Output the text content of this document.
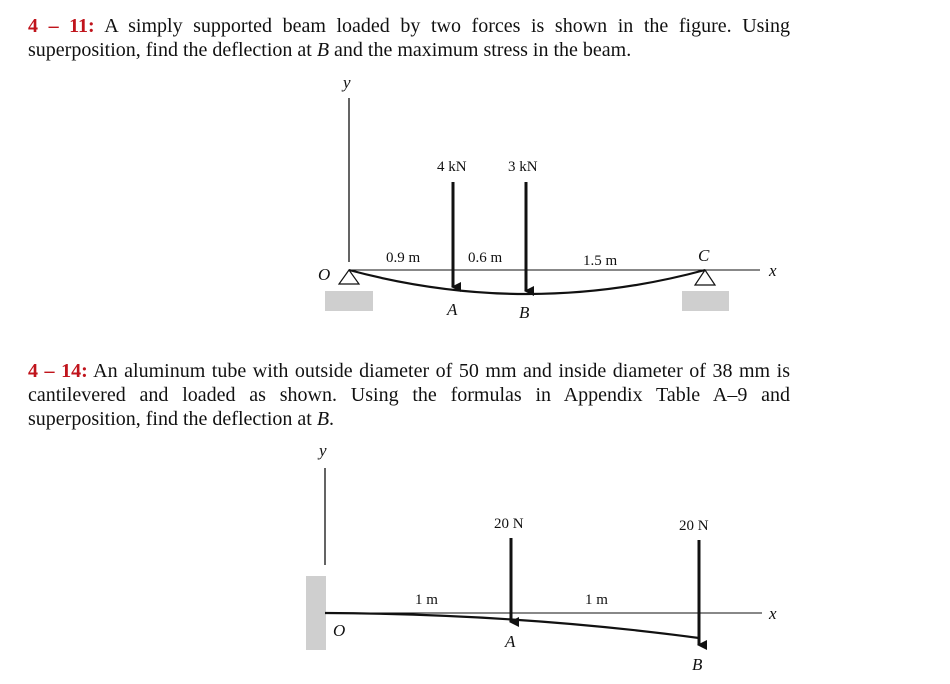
4 – 11: A simply supported beam loaded by two forces is shown in the figure. Using superposition, find the deflection at B and the maximum stress in the beam.

y
x
O
4 kN	3 kN
0.9 m	0.6 m	1.5 m
A	B
C

4 – 14: An aluminum tube with outside diameter of 50 mm and inside diameter of 38 mm is cantilevered and loaded as shown. Using the formulas in Appendix Table A–9 and superposition, find the deflection at B.

y
x
O
20 N	20 N
1 m	1 m
A
B
